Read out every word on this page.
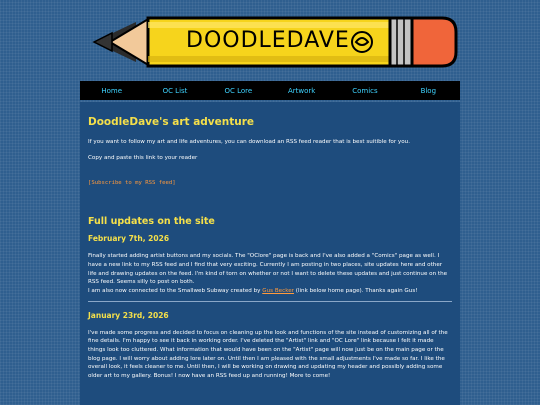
DOODLEDAVE
Home	OC List	OC Lore	Artwork	Comics	Blog
DoodleDave's art adventure

If you want to follow my art and life adventures, you can download an RSS feed reader that is best suitible for you.

Copy and paste this link to your reader

[Subscribe to my RSS feed]
Full updates on the site
February 7th, 2026

Finally started adding artist buttons and my socials. The "OClore" page is back and I've also added a "Comics" page as well. I have a new link to my RSS feed and I find that very exciting. Currently I am posting in two places, site updates here and other life and drawing updates on the feed. I'm kind of torn on whether or not I want to delete these updates and just continue on the RSS feed. Seems silly to post on both.
I am also now connected to the Smallweb Subway created by Gus Becker (link below home page). Thanks again Gus!

January 23rd, 2026

I've made some progress and decided to focus on cleaning up the look and functions of the site instead of customizing all of the fine details. I'm happy to see it back in working order. I've deleted the "Artist" link and "OC Lore" link because I felt it made things look too cluttered. What information that would have been on the "Artist" page will now just be on the main page or the blog page. I will worry about adding lore later on. Until then I am pleased with the small adjustments I've made so far. I like the overall look, it feels cleaner to me. Until then, I will be working on drawing and updating my header and possibly adding some older art to my gallery. Bonus! I now have an RSS feed up and running! More to come!
